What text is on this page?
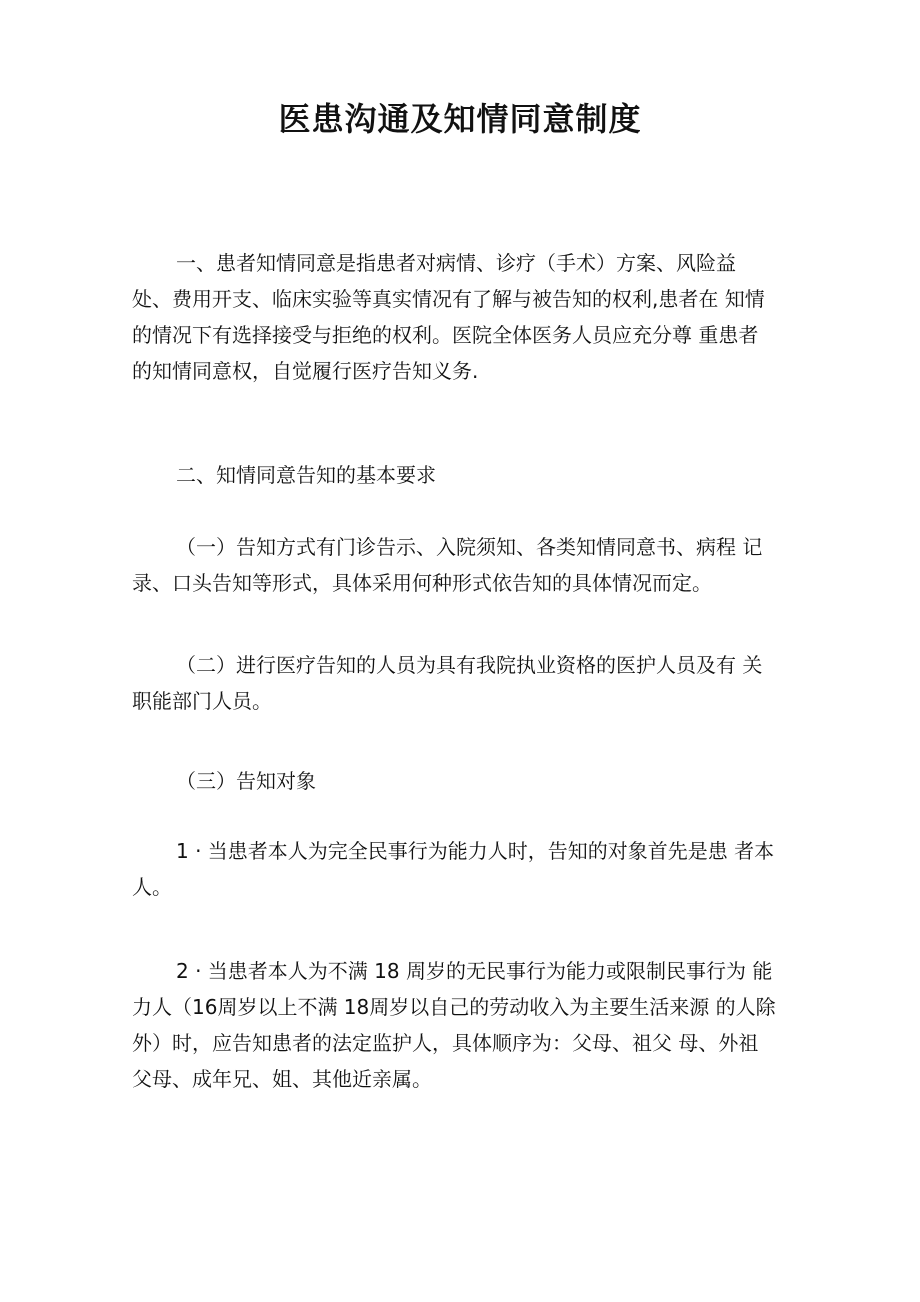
医患沟通及知情同意制度
一、患者知情同意是指患者对病情、诊疗（手术）方案、风险益
处、费用开支、临床实验等真实情况有了解与被告知的权利,患者在 知情
的情况下有选择接受与拒绝的权利。医院全体医务人员应充分尊 重患者
的知情同意权，自觉履行医疗告知义务.
二、知情同意告知的基本要求
（一）告知方式有门诊告示、入院须知、各类知情同意书、病程 记
录、口头告知等形式，具体采用何种形式依告知的具体情况而定。
（二）进行医疗告知的人员为具有我院执业资格的医护人员及有 关
职能部门人员。
（三）告知对象
1 · 当患者本人为完全民事行为能力人时，告知的对象首先是患 者本
人。
2 · 当患者本人为不满 18 周岁的无民事行为能力或限制民事行为 能
力人（16周岁以上不满 18周岁以自己的劳动收入为主要生活来源 的人除
外）时，应告知患者的法定监护人，具体顺序为：父母、祖父 母、外祖
父母、成年兄、姐、其他近亲属。
